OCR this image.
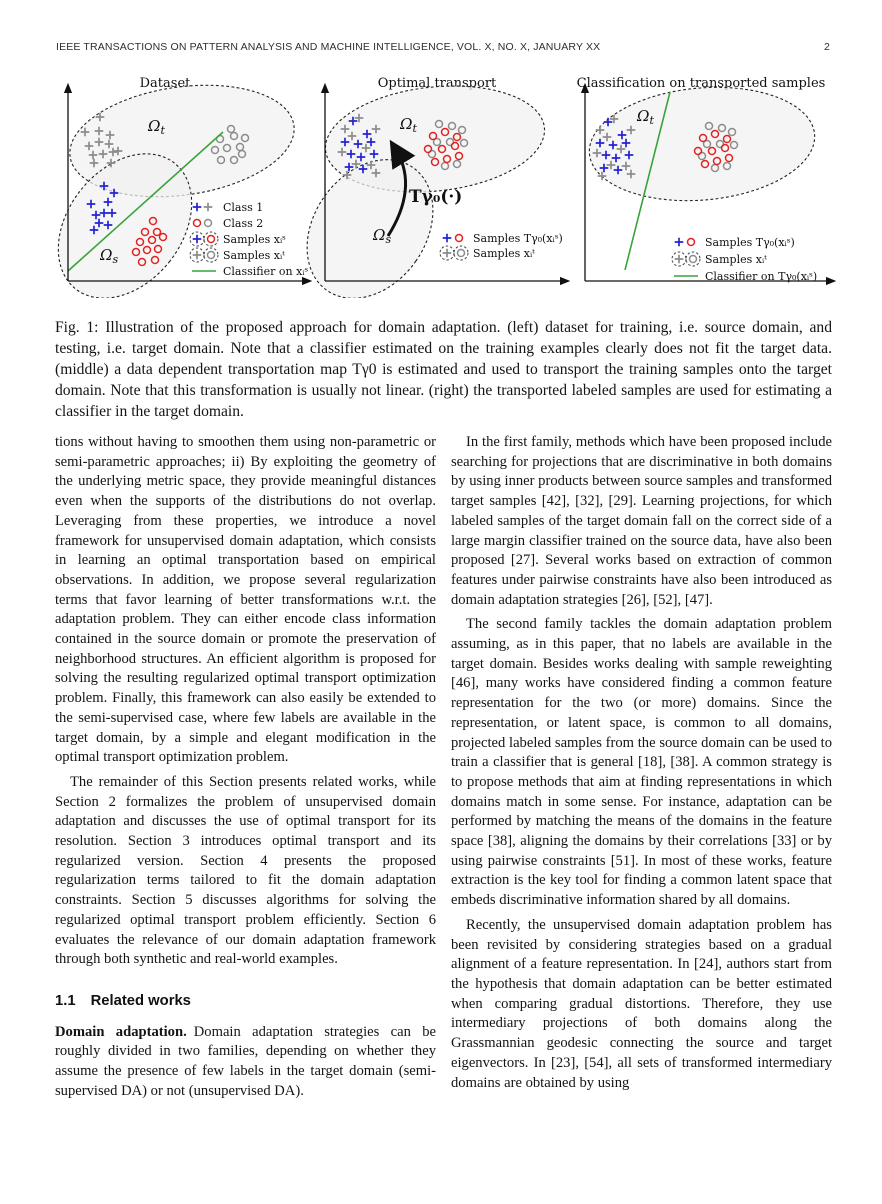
IEEE TRANSACTIONS ON PATTERN ANALYSIS AND MACHINE INTELLIGENCE, VOL. X, NO. X, JANUARY XX	2
Dataset
$\Omega_t$
$\Omega_s$
Class 1
Class 2
Samples xᵢˢ
Samples xᵢᵗ
Classifier on xᵢˢ
Optimal transport
$\Omega_t$
$\Omega_s$
Tγ₀(·)
Samples Tγ₀(xᵢˢ)
Samples xᵢᵗ
Classification on transported samples
$\Omega_t$
Samples Tγ₀(xᵢˢ)
Samples xᵢᵗ
Classifier on Tγ₀(xᵢˢ)

Fig. 1: Illustration of the proposed approach for domain adaptation. (left) dataset for training, i.e. source domain, and testing, i.e. target domain. Note that a classifier estimated on the training examples clearly does not fit the target data. (middle) a data dependent transportation map Tγ0 is estimated and used to transport the training samples onto the target domain. Note that this transformation is usually not linear. (right) the transported labeled samples are used for estimating a classifier in the target domain.

tions without having to smoothen them using non-parametric or semi-parametric approaches; ii) By exploiting the geometry of the underlying metric space, they provide meaningful distances even when the supports of the distributions do not overlap. Leveraging from these properties, we introduce a novel framework for unsupervised domain adaptation, which consists in learning an optimal transportation based on empirical observations. In addition, we propose several regularization terms that favor learning of better transformations w.r.t. the adaptation problem. They can either encode class information contained in the source domain or promote the preservation of neighborhood structures. An efficient algorithm is proposed for solving the resulting regularized optimal transport optimization problem. Finally, this framework can also easily be extended to the semi-supervised case, where few labels are available in the target domain, by a simple and elegant modification in the optimal transport optimization problem.

The remainder of this Section presents related works, while Section 2 formalizes the problem of unsupervised domain adaptation and discusses the use of optimal transport for its resolution. Section 3 introduces optimal transport and its regularized version. Section 4 presents the proposed regularization terms tailored to fit the domain adaptation constraints. Section 5 discusses algorithms for solving the regularized optimal transport problem efficiently. Section 6 evaluates the relevance of our domain adaptation framework through both synthetic and real-world examples.

1.1 Related works

Domain adaptation. Domain adaptation strategies can be roughly divided in two families, depending on whether they assume the presence of few labels in the target domain (semi-supervised DA) or not (unsupervised DA).

In the first family, methods which have been proposed include searching for projections that are discriminative in both domains by using inner products between source samples and transformed target samples [42], [32], [29]. Learning projections, for which labeled samples of the target domain fall on the correct side of a large margin classifier trained on the source data, have also been proposed [27]. Several works based on extraction of common features under pairwise constraints have also been introduced as domain adaptation strategies [26], [52], [47].

The second family tackles the domain adaptation problem assuming, as in this paper, that no labels are available in the target domain. Besides works dealing with sample reweighting [46], many works have considered finding a common feature representation for the two (or more) domains. Since the representation, or latent space, is common to all domains, projected labeled samples from the source domain can be used to train a classifier that is general [18], [38]. A common strategy is to propose methods that aim at finding representations in which domains match in some sense. For instance, adaptation can be performed by matching the means of the domains in the feature space [38], aligning the domains by their correlations [33] or by using pairwise constraints [51]. In most of these works, feature extraction is the key tool for finding a common latent space that embeds discriminative information shared by all domains.

Recently, the unsupervised domain adaptation problem has been revisited by considering strategies based on a gradual alignment of a feature representation. In [24], authors start from the hypothesis that domain adaptation can be better estimated when comparing gradual distortions. Therefore, they use intermediary projections of both domains along the Grassmannian geodesic connecting the source and target eigenvectors. In [23], [54], all sets of transformed intermediary domains are obtained by using
